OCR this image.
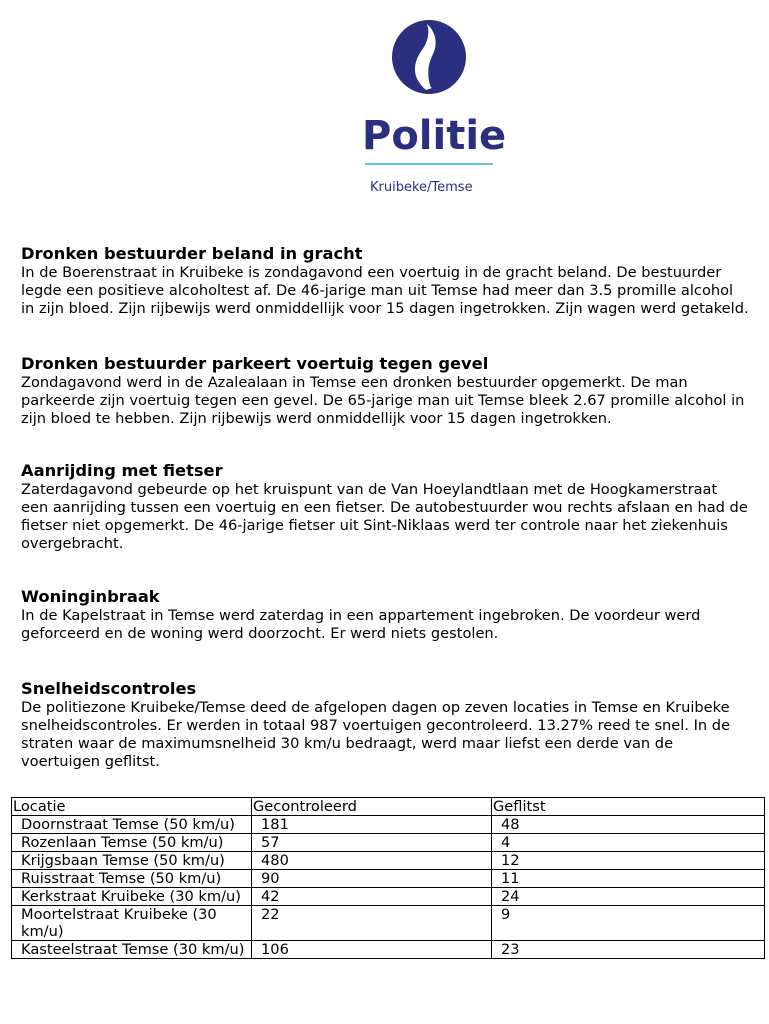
Politie
Kruibeke/Temse
Dronken bestuurder beland in gracht

In de Boerenstraat in Kruibeke is zondagavond een voertuig in de gracht beland. De bestuurder legde een positieve alcoholtest af. De 46-jarige man uit Temse had meer dan 3.5 promille alcohol in zijn bloed. Zijn rijbewijs werd onmiddellijk voor 15 dagen ingetrokken. Zijn wagen werd getakeld.

Dronken bestuurder parkeert voertuig tegen gevel

Zondagavond werd in de Azalealaan in Temse een dronken bestuurder opgemerkt. De man parkeerde zijn voertuig tegen een gevel. De 65-jarige man uit Temse bleek 2.67 promille alcohol in zijn bloed te hebben. Zijn rijbewijs werd onmiddellijk voor 15 dagen ingetrokken.

Aanrijding met fietser

Zaterdagavond gebeurde op het kruispunt van de Van Hoeylandtlaan met de Hoogkamerstraat een aanrijding tussen een voertuig en een fietser. De autobestuurder wou rechts afslaan en had de fietser niet opgemerkt. De 46-jarige fietser uit Sint-Niklaas werd ter controle naar het ziekenhuis overgebracht.

Woninginbraak

In de Kapelstraat in Temse werd zaterdag in een appartement ingebroken. De voordeur werd geforceerd en de woning werd doorzocht. Er werd niets gestolen.

Snelheidscontroles

De politiezone Kruibeke/Temse deed de afgelopen dagen op zeven locaties in Temse en Kruibeke snelheidscontroles. Er werden in totaal 987 voertuigen gecontroleerd. 13.27% reed te snel. In de straten waar de maximumsnelheid 30 km/u bedraagt, werd maar liefst een derde van de voertuigen geflitst.

Locatie	Gecontroleerd	Geflitst
Doornstraat Temse (50 km/u)	181	48
Rozenlaan Temse (50 km/u)	57	4
Krijgsbaan Temse (50 km/u)	480	12
Ruisstraat Temse (50 km/u)	90	11
Kerkstraat Kruibeke (30 km/u)	42	24
Moortelstraat Kruibeke (30 km/u)	22	9
Kasteelstraat Temse (30 km/u)	106	23
